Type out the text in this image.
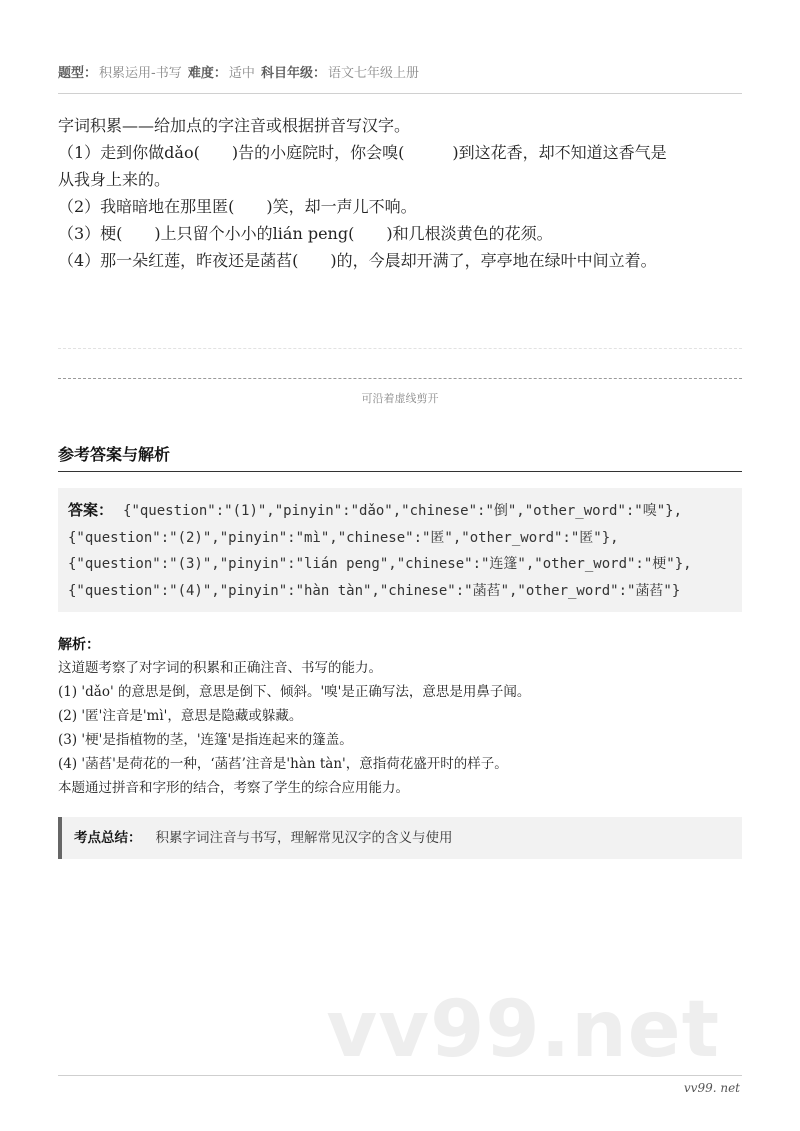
题型： 积累运用-书写 难度： 适中 科目年级： 语文七年级上册
字词积累——给加点的字注音或根据拼音写汉字。
（1）走到你做dǎo(　　)告的小庭院时，你会嗅(　　　)到这花香，却不知道这香气是
从我身上来的。
（2）我暗暗地在那里匿(　　)笑，却一声儿不响。
（3）梗(　　)上只留个小小的lián peng(　　)和几根淡黄色的花须。
（4）那一朵红莲，昨夜还是菡萏(　　)的，今晨却开满了，亭亭地在绿叶中间立着。
可沿着虚线剪开
参考答案与解析
答案： {"question":"(1)","pinyin":"dǎo","chinese":"倒","other_word":"嗅"},
{"question":"(2)","pinyin":"mì","chinese":"匿","other_word":"匿"},
{"question":"(3)","pinyin":"lián peng","chinese":"连篷","other_word":"梗"},
{"question":"(4)","pinyin":"hàn tàn","chinese":"菡萏","other_word":"菡萏"}
解析：
这道题考察了对字词的积累和正确注音、书写的能力。
(1) 'dǎo' 的意思是倒，意思是倒下、倾斜。'嗅'是正确写法，意思是用鼻子闻。
(2) '匿'注音是'mì'，意思是隐藏或躲藏。
(3) '梗'是指植物的茎，'连篷'是指连起来的篷盖。
(4) '菡萏'是荷花的一种，‘菡萏’注音是'hàn tàn'，意指荷花盛开时的样子。
本题通过拼音和字形的结合，考察了学生的综合应用能力。
考点总结： 积累字词注音与书写，理解常见汉字的含义与使用
vv99.net
vv99. net
